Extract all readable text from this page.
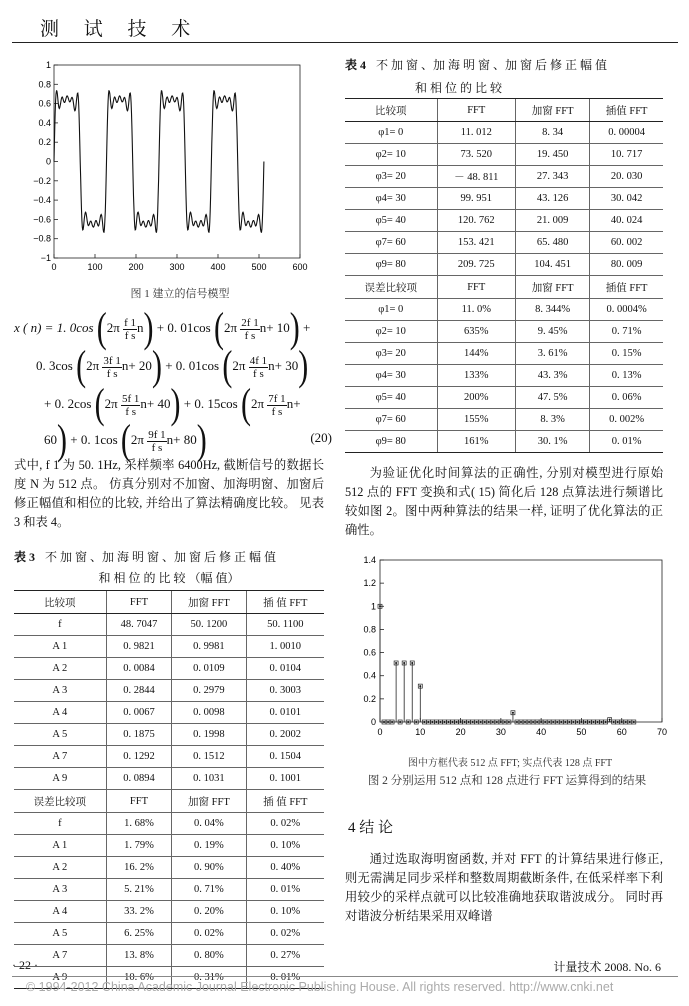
测 试 技 术
1
0.8
0.6
0.4
0.2
0
−0.2
−0.4
−0.6
−0.8
−1
0	100	200	300	400	500	600
图 1 建立的信号模型
x ( n) = 1. 0cos $(2\pi \frac{f 1}{\text{f s}} n) + 0$. 01cos $(2\pi \frac{2f 1}{\text{f s}} n+ 10)$ +
0. 3cos $(2\pi \frac{3f 1}{\text{f s}} n+ 20) + 0$. 01cos $(2\pi \frac{4f 1}{\text{f s}} n+ 30)$
+ 0. 2cos $(2\pi \frac{5f 1}{\text{f s}} n+ 40) + 0$. 15cos ($2\pi \frac{7f 1}{\text{f s}} n+$
60) + 0. 1cos $(2\pi \frac{9f 1}{\text{f s}} n+ 80)$	(20)
式中, f 1 为 50. 1Hz, 采样频率 6400Hz, 截断信号的数据长度 N 为 512 点。 仿真分别对不加窗、加海明窗、加窗后修正幅值和相位的比较, 并给出了算法精确度比较。 见表 3 和表 4。
表 3 不 加 窗 、加 海 明 窗 、加 窗 后 修 正 幅 值
和 相 位 的 比 较 （幅 值）
比较项	FFT	加窗 FFT	插 值 FFT
f	48. 7047	50. 1200	50. 1100
A 1	0. 9821	0. 9981	1. 0010
A 2	0. 0084	0. 0109	0. 0104
A 3	0. 2844	0. 2979	0. 3003
A 4	0. 0067	0. 0098	0. 0101
A 5	0. 1875	0. 1998	0. 2002
A 7	0. 1292	0. 1512	0. 1504
A 9	0. 0894	0. 1031	0. 1001
误差比较项	FFT	加窗 FFT	插 值 FFT
f	1. 68%	0. 04%	0. 02%
A 1	1. 79%	0. 19%	0. 10%
A 2	16. 2%	0. 90%	0. 40%
A 3	5. 21%	0. 71%	0. 01%
A 4	33. 2%	0. 20%	0. 10%
A 5	6. 25%	0. 02%	0. 02%
A 7	13. 8%	0. 80%	0. 27%
A 9	10. 6%	0. 31%	0. 01%
表 4 不 加 窗 、加 海 明 窗 、加 窗 后 修 正 幅 值
和 相 位 的 比 较
比较项	FFT	加窗 FFT	插值 FFT
φ1= 0	11. 012	8. 34	0. 00004
φ2= 10	73. 520	19. 450	10. 717
φ3= 20	－ 48. 811	27. 343	20. 030
φ4= 30	99. 951	43. 126	30. 042
φ5= 40	120. 762	21. 009	40. 024
φ7= 60	153. 421	65. 480	60. 002
φ9= 80	209. 725	104. 451	80. 009
误差比较项	FFT	加窗 FFT	插值 FFT
φ1= 0	11. 0%	8. 344%	0. 0004%
φ2= 10	635%	9. 45%	0. 71%
φ3= 20	144%	3. 61%	0. 15%
φ4= 30	133%	43. 3%	0. 13%
φ5= 40	200%	47. 5%	0. 06%
φ7= 60	155%	8. 3%	0. 002%
φ9= 80	161%	30. 1%	0. 01%
为验证优化时间算法的正确性, 分别对模型进行原始 512 点的 FFT 变换和式( 15) 简化后 128 点算法进行频谱比较如图 2。图中两种算法的结果一样, 证明了优化算法的正确性。
1.4
1.2
1
0.8
0.6
0.4
0.2
0
0	10	20	30	40	50	60	70
图中方框代表 512 点 FFT; 实点代表 128 点 FFT
图 2 分别运用 512 点和 128 点进行 FFT 运算得到的结果
4 结 论
通过选取海明窗函数, 并对 FFT 的计算结果进行修正, 则无需满足同步采样和整数周期截断条件, 在低采样率下利用较少的采样点就可以比较准确地获取谐波成分。 同时再对谐波分析结果采用双峰谱
· 22 ·	计量技术 2008. No. 6
© 1994-2012 China Academic Journal Electronic Publishing House. All rights reserved. http://www.cnki.net
